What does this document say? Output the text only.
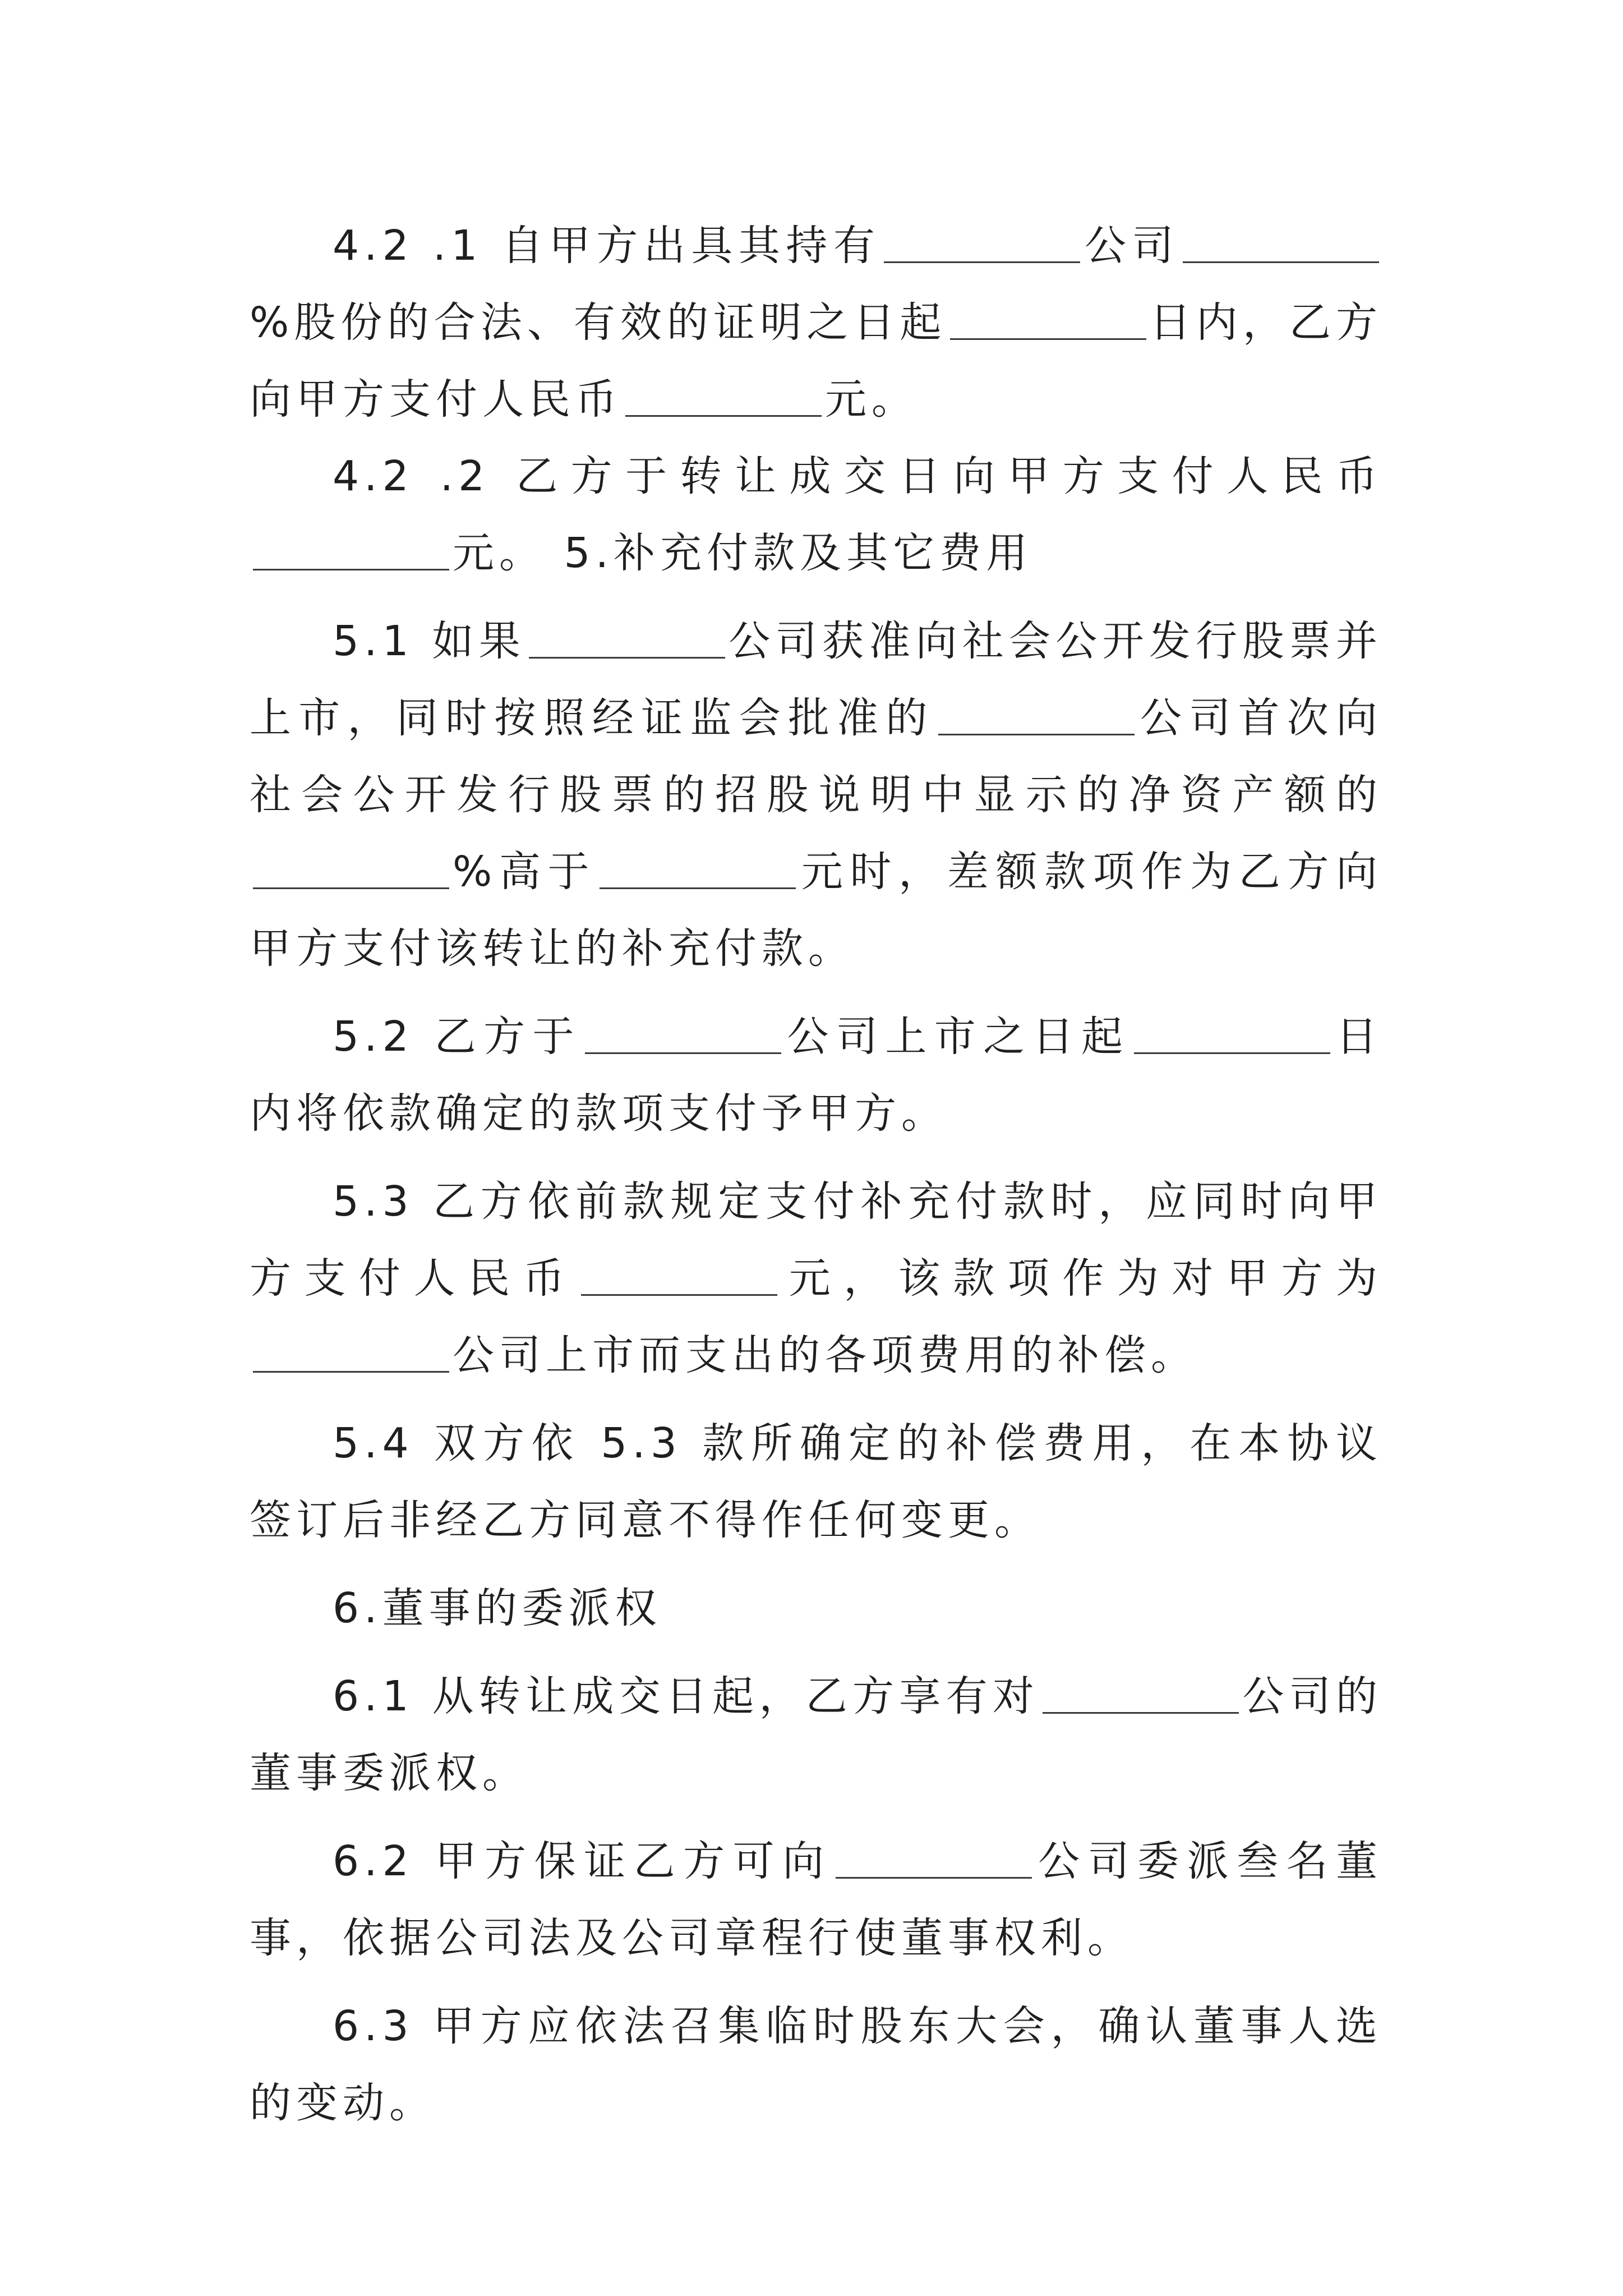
4.2 .1 自甲方出具其持有	公司%股份的合法、有效的证明之日起	日内，乙方向甲方支付人民币	元。

4.2 .2 乙方于转让成交日向甲方支付人民币元。 5.补充付款及其它费用

5.1 如果	公司获准向社会公开发行股票并上市，同时按照经证监会批准的	公司首次向社会公开发行股票的招股说明中显示的净资产额的%高于	元时，差额款项作为乙方向甲方支付该转让的补充付款。

5.2 乙方于	公司上市之日起	日内将依款确定的款项支付予甲方。

5.3 乙方依前款规定支付补充付款时，应同时向甲方支付人民币	元，该款项作为对甲方为公司上市而支出的各项费用的补偿。

5.4 双方依 5.3 款所确定的补偿费用，在本协议签订后非经乙方同意不得作任何变更。

6.董事的委派权

6.1 从转让成交日起，乙方享有对	公司的董事委派权。

6.2 甲方保证乙方可向	公司委派叁名董事，依据公司法及公司章程行使董事权利。

6.3 甲方应依法召集临时股东大会，确认董事人选的变动。
